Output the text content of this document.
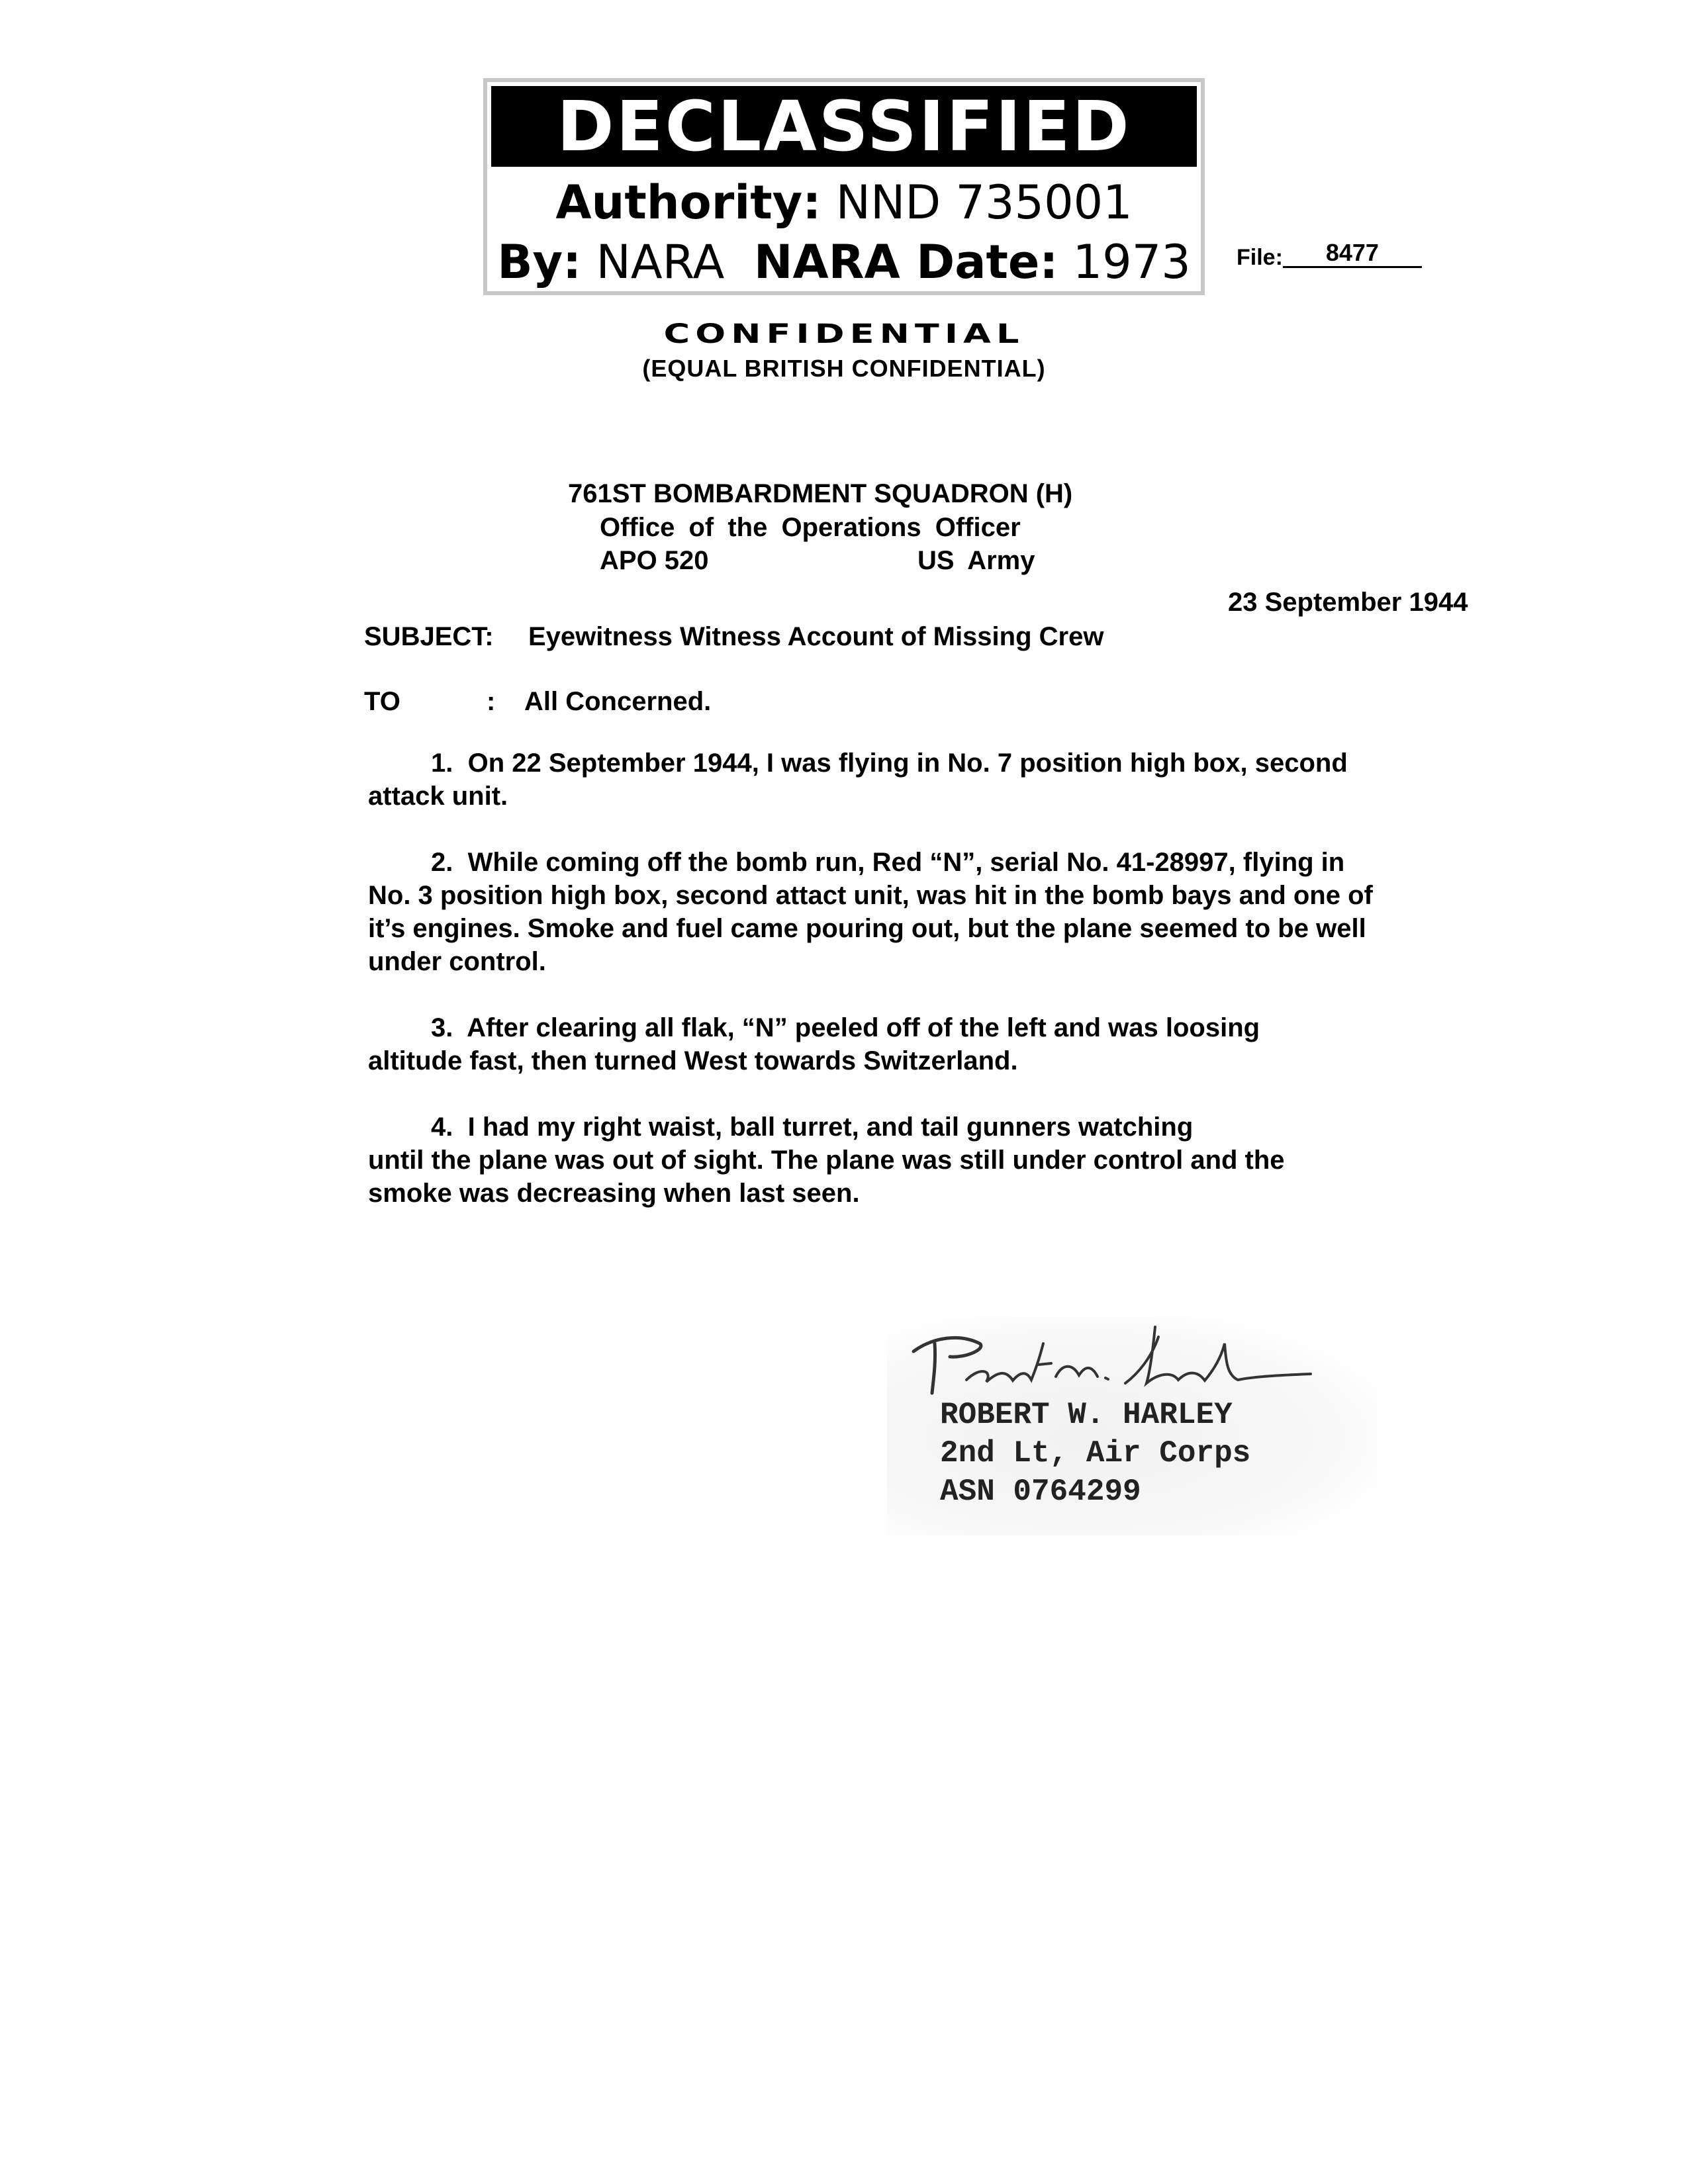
DECLASSIFIED
Authority: NND 735001
By: NARA NARA Date: 1973	File: 8477
CONFIDENTIAL
(EQUAL BRITISH CONFIDENTIAL)
761ST BOMBARDMENT SQUADRON (H)
Office of the Operations Officer
APO 520	US Army
23 September 1944
SUBJECT: Eyewitness Witness Account of Missing Crew
TO	: All Concerned.
1.  On 22 September 1944, I was flying in No. 7 position high box, second
attack unit.
2.  While coming off the bomb run, Red “N”, serial No. 41-28997, flying in
No. 3 position high box, second attact unit, was hit in the bomb bays and one of
it’s engines. Smoke and fuel came pouring out, but the plane seemed to be well
under control.
3.  After clearing all flak, “N” peeled off of the left and was loosing
altitude fast, then turned West towards Switzerland.
4.  I had my right waist, ball turret, and tail gunners watching
until the plane was out of sight. The plane was still under control and the
smoke was decreasing when last seen.
ROBERT W. HARLEY
2nd Lt, Air Corps
ASN 0764299
